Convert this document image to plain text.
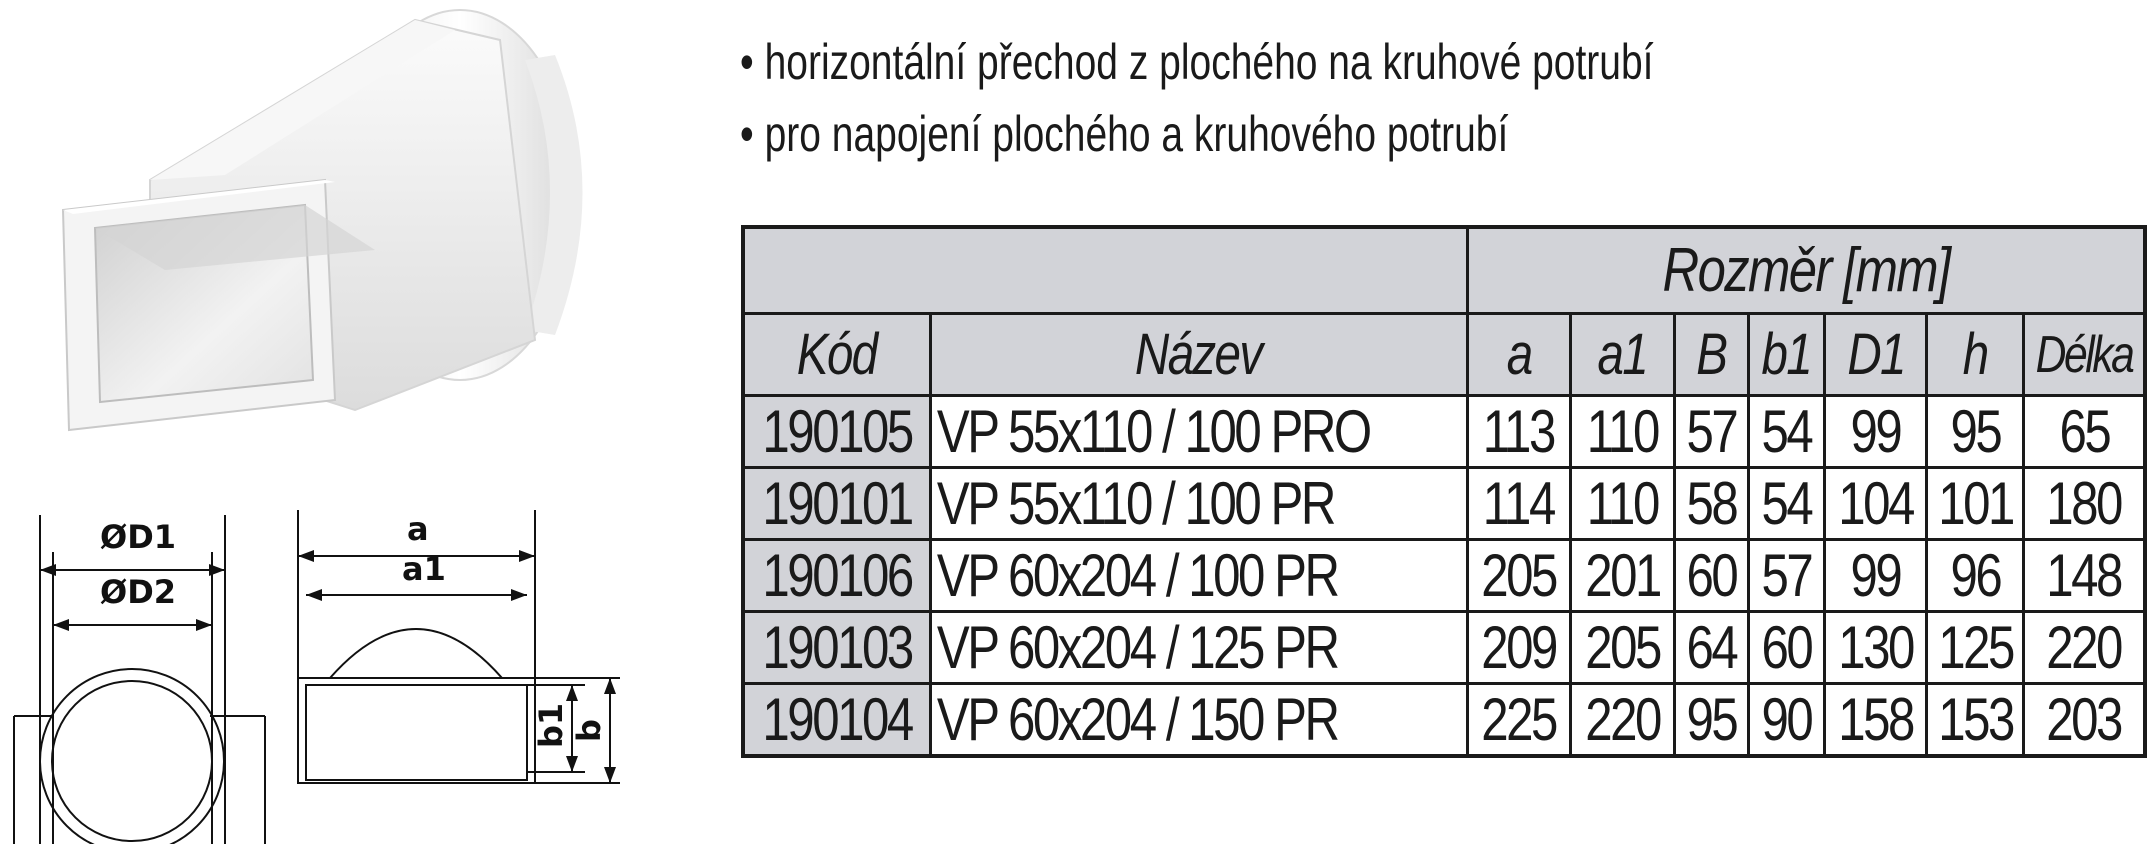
ØD1
ØD2
a
a1
b1 b
• horizontální přechod z plochého na kruhové potrubí
• pro napojení plochého a kruhového potrubí
		Rozměr [mm]						
Kód	Název	a	a1	B	b1	D1	h	Délka
190105	VP 55x110 / 100 PRO	113	110	57	54	99	95	65
190101	VP 55x110 / 100 PR	114	110	58	54	104	101	180
190106	VP 60x204 / 100 PR	205	201	60	57	99	96	148
190103	VP 60x204 / 125 PR	209	205	64	60	130	125	220
190104	VP 60x204 / 150 PR	225	220	95	90	158	153	203
